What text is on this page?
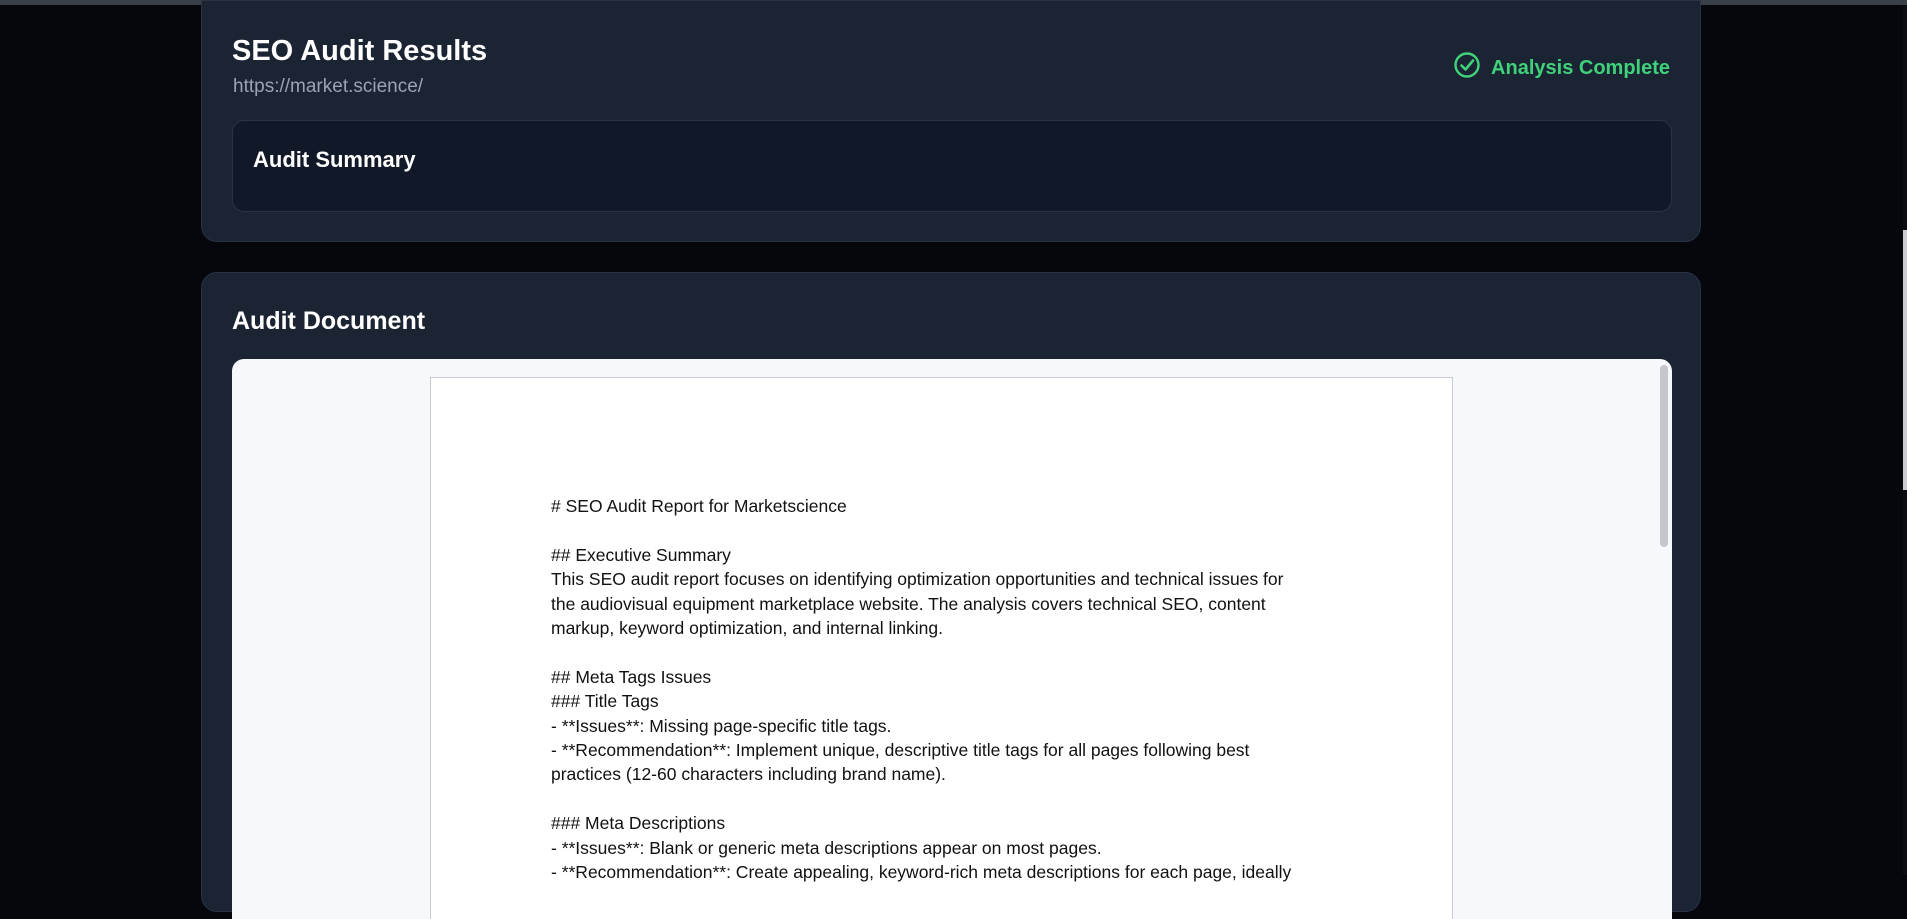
SEO Audit Results
https://market.science/
Analysis Complete
Audit Summary
Audit Document
# SEO Audit Report for Marketscience
## Executive Summary
This SEO audit report focuses on identifying optimization opportunities and technical issues for
the audiovisual equipment marketplace website. The analysis covers technical SEO, content
markup, keyword optimization, and internal linking.
## Meta Tags Issues
### Title Tags
- **Issues**: Missing page-specific title tags.
- **Recommendation**: Implement unique, descriptive title tags for all pages following best
practices (12-60 characters including brand name).
### Meta Descriptions
- **Issues**: Blank or generic meta descriptions appear on most pages.
- **Recommendation**: Create appealing, keyword-rich meta descriptions for each page, ideally
